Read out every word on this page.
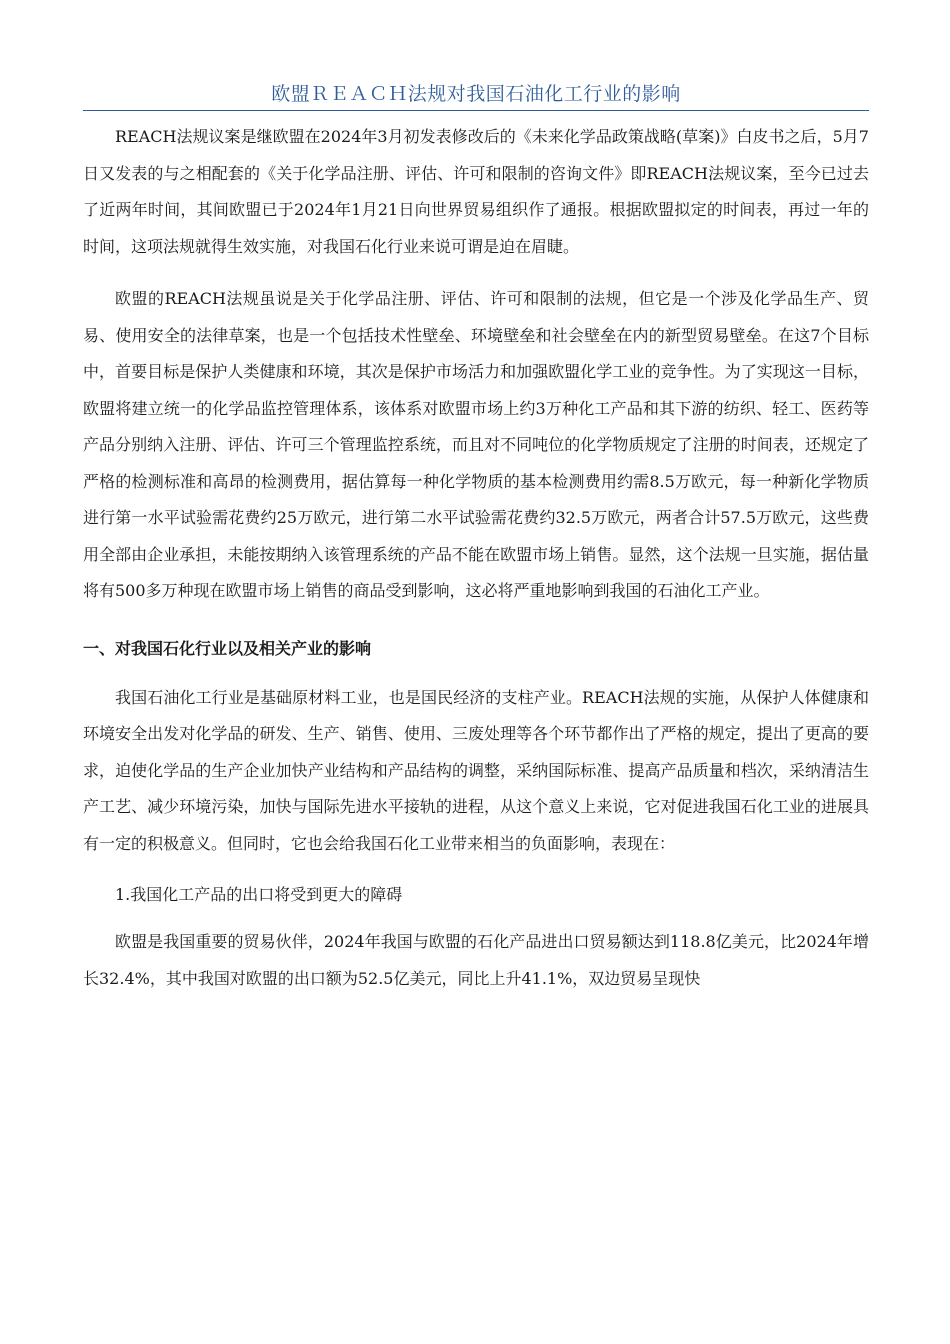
欧盟ＲＥＡＣＨ法规对我国石油化工行业的影响

REACH法规议案是继欧盟在2024年3月初发表修改后的《未来化学品政策战略(草案)》白皮书之后，5月7日又发表的与之相配套的《关于化学品注册、评估、许可和限制的咨询文件》即REACH法规议案，至今已过去了近两年时间，其间欧盟已于2024年1月21日向世界贸易组织作了通报。根据欧盟拟定的时间表，再过一年的时间，这项法规就得生效实施，对我国石化行业来说可谓是迫在眉睫。

欧盟的REACH法规虽说是关于化学品注册、评估、许可和限制的法规，但它是一个涉及化学品生产、贸易、使用安全的法律草案，也是一个包括技术性壁垒、环境壁垒和社会壁垒在内的新型贸易壁垒。在这7个目标中，首要目标是保护人类健康和环境，其次是保护市场活力和加强欧盟化学工业的竞争性。为了实现这一目标，欧盟将建立统一的化学品监控管理体系，该体系对欧盟市场上约3万种化工产品和其下游的纺织、轻工、医药等产品分别纳入注册、评估、许可三个管理监控系统，而且对不同吨位的化学物质规定了注册的时间表，还规定了严格的检测标准和高昂的检测费用，据估算每一种化学物质的基本检测费用约需8.5万欧元，每一种新化学物质进行第一水平试验需花费约25万欧元，进行第二水平试验需花费约32.5万欧元，两者合计57.5万欧元，这些费用全部由企业承担，未能按期纳入该管理系统的产品不能在欧盟市场上销售。显然，这个法规一旦实施，据估量将有500多万种现在欧盟市场上销售的商品受到影响，这必将严重地影响到我国的石油化工产业。

一、对我国石化行业以及相关产业的影响

我国石油化工行业是基础原材料工业，也是国民经济的支柱产业。REACH法规的实施，从保护人体健康和环境安全出发对化学品的研发、生产、销售、使用、三废处理等各个环节都作出了严格的规定，提出了更高的要求，迫使化学品的生产企业加快产业结构和产品结构的调整，采纳国际标准、提高产品质量和档次，采纳清洁生产工艺、减少环境污染，加快与国际先进水平接轨的进程，从这个意义上来说，它对促进我国石化工业的进展具有一定的积极意义。但同时，它也会给我国石化工业带来相当的负面影响，表现在：

1.我国化工产品的出口将受到更大的障碍

欧盟是我国重要的贸易伙伴，2024年我国与欧盟的石化产品进出口贸易额达到118.8亿美元，比2024年增长32.4%，其中我国对欧盟的出口额为52.5亿美元，同比上升41.1%，双边贸易呈现快
